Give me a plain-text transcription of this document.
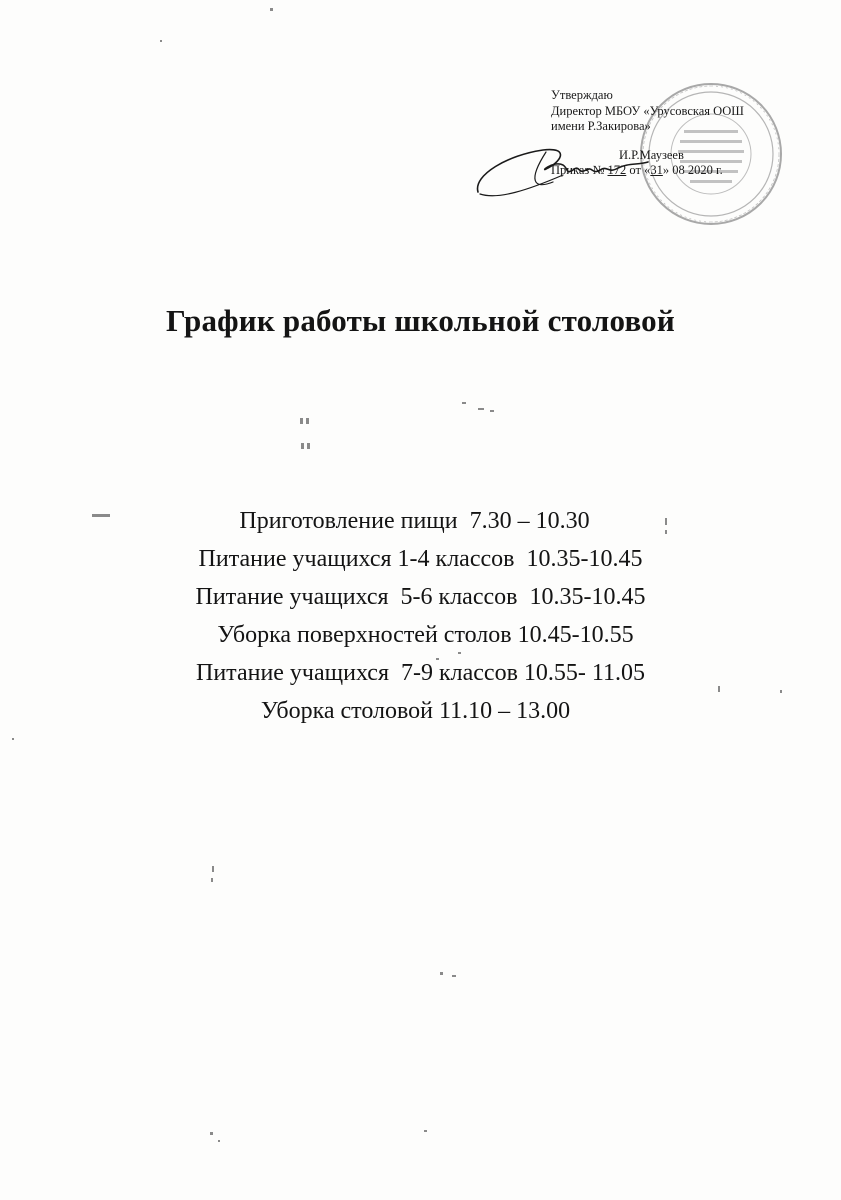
Утверждаю
Директор МБОУ «Урусовская ООШ
имени Р.Закирова»
И.Р.Маузеев
Приказ № 172 от «31» 08 2020 г.
График работы школьной столовой
Приготовление пищи  7.30 – 10.30
Питание учащихся 1-4 классов  10.35-10.45
Питание учащихся  5-6 классов  10.35-10.45
Уборка поверхностей столов 10.45-10.55
Питание учащихся  7-9 классов 10.55- 11.05
Уборка столовой 11.10 – 13.00
